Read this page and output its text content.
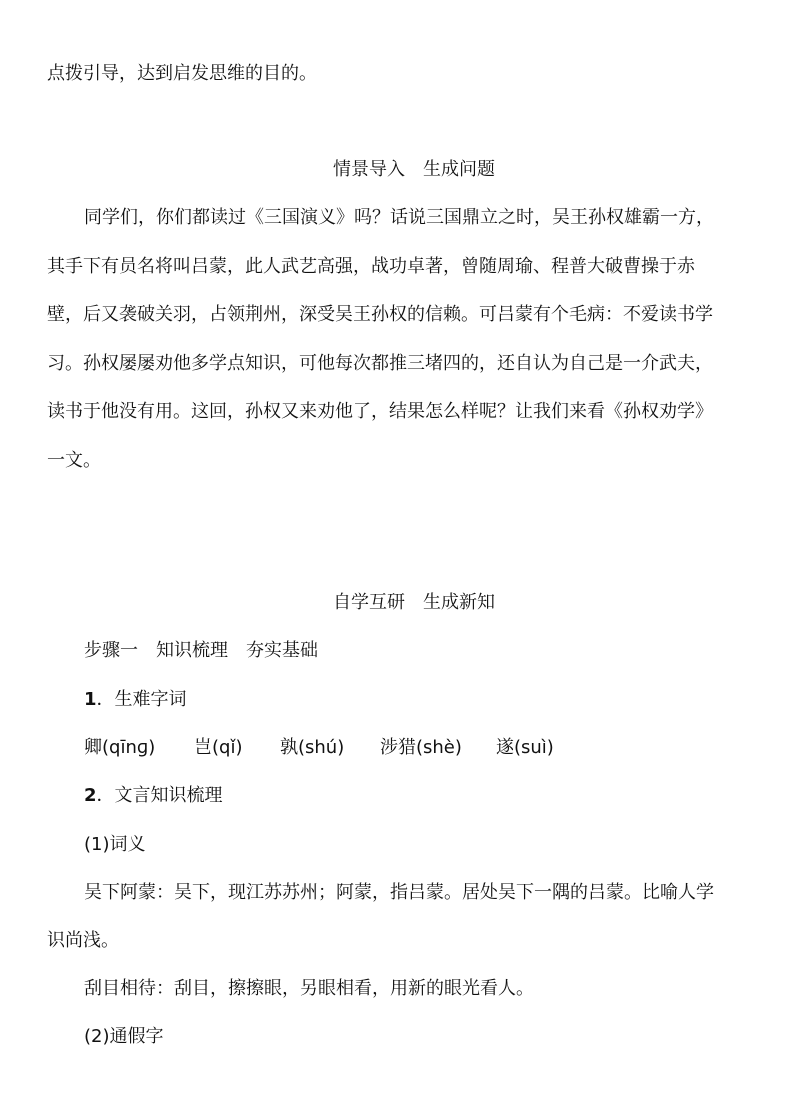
点拨引导，达到启发思维的目的。
情景导入　生成问题
同学们，你们都读过《三国演义》吗？话说三国鼎立之时，吴王孙权雄霸一方，
其手下有员名将叫吕蒙，此人武艺高强，战功卓著，曾随周瑜、程普大破曹操于赤
壁，后又袭破关羽，占领荆州，深受吴王孙权的信赖。可吕蒙有个毛病：不爱读书学
习。孙权屡屡劝他多学点知识，可他每次都推三堵四的，还自认为自己是一介武夫，
读书于他没有用。这回，孙权又来劝他了，结果怎么样呢？让我们来看《孙权劝学》
一文。
自学互研　生成新知
步骤一　知识梳理　夯实基础
1．生难字词
卿(qīnɡ) 岂(qǐ) 孰(shú) 涉猎(shè) 遂(suì)
2．文言知识梳理
(1)词义
吴下阿蒙：吴下，现江苏苏州；阿蒙，指吕蒙。居处吴下一隅的吕蒙。比喻人学
识尚浅。
刮目相待：刮目，擦擦眼，另眼相看，用新的眼光看人。
(2)通假字
